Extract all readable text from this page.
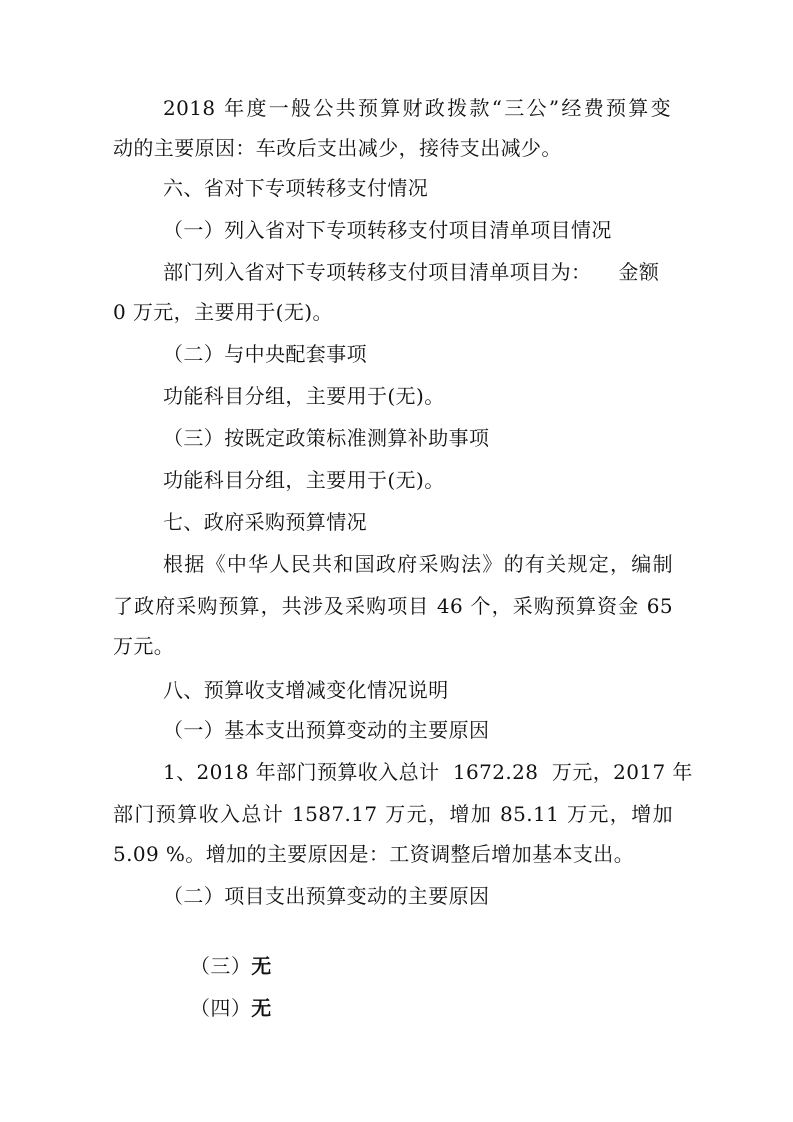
2018 年度一般公共预算财政拨款“三公”经费预算变
动的主要原因：车改后支出减少，接待支出减少。
六、省对下专项转移支付情况
（一）列入省对下专项转移支付项目清单项目情况
部门列入省对下专项转移支付项目清单项目为：    金额
0 万元，主要用于(无)。
（二）与中央配套事项
功能科目分组，主要用于(无)。
（三）按既定政策标准测算补助事项
功能科目分组，主要用于(无)。
七、政府采购预算情况
根据《中华人民共和国政府采购法》的有关规定，编制
了政府采购预算，共涉及采购项目 46 个，采购预算资金 65
万元。
八、预算收支增减变化情况说明
（一）基本支出预算变动的主要原因
1、2018 年部门预算收入总计  1672.28  万元，2017 年
部门预算收入总计 1587.17 万元，增加 85.11 万元，增加
5.09 %。增加的主要原因是：工资调整后增加基本支出。
（二）项目支出预算变动的主要原因

（三）无

（四）无
